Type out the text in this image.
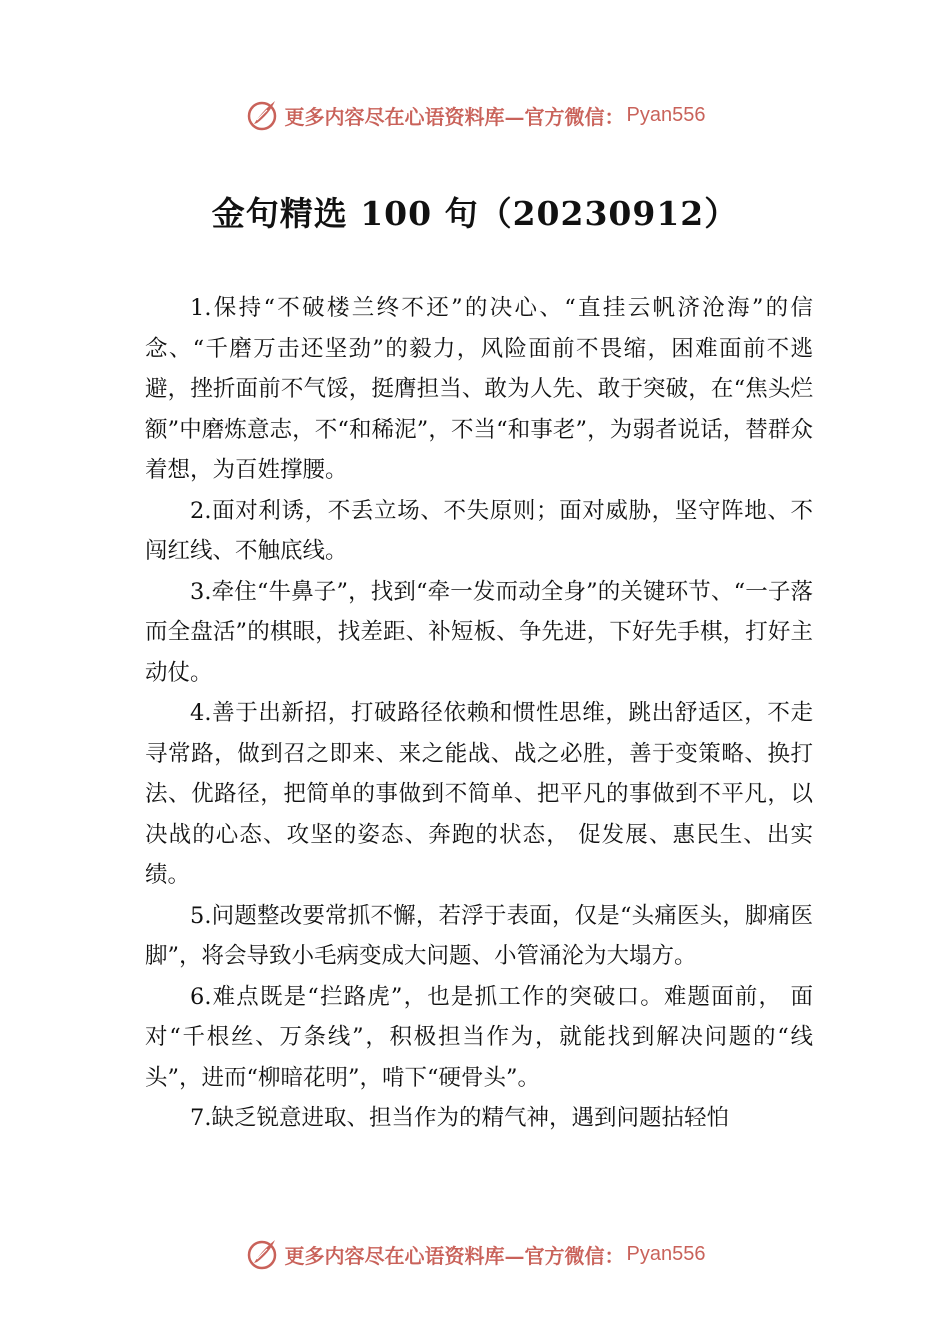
更多内容尽在心语资料库—官方微信： Pyan556
金句精选 100 句（20230912）

1.保持“不破楼兰终不还”的决心、“直挂云帆济沧海”的信念、“千磨万击还坚劲”的毅力，风险面前不畏缩，困难面前不逃避，挫折面前不气馁，挺膺担当、敢为人先、敢于突破，在“焦头烂额”中磨炼意志，不“和稀泥”，不当“和事老”，为弱者说话，替群众着想，为百姓撑腰。

2.面对利诱，不丢立场、不失原则；面对威胁，坚守阵地、不闯红线、不触底线。

3.牵住“牛鼻子”，找到“牵一发而动全身”的关键环节、“一子落而全盘活”的棋眼，找差距、补短板、争先进，下好先手棋，打好主动仗。

4.善于出新招，打破路径依赖和惯性思维，跳出舒适区，不走寻常路，做到召之即来、来之能战、战之必胜，善于变策略、换打法、优路径，把简单的事做到不简单、把平凡的事做到不平凡，以决战的心态、攻坚的姿态、奔跑的状态， 促发展、惠民生、出实绩。

5.问题整改要常抓不懈，若浮于表面，仅是“头痛医头，脚痛医脚”，将会导致小毛病变成大问题、小管涌沦为大塌方。

6.难点既是“拦路虎”，也是抓工作的突破口。难题面前， 面对“千根丝、万条线”，积极担当作为，就能找到解决问题的“线头”，进而“柳暗花明”，啃下“硬骨头”。

7.缺乏锐意进取、担当作为的精气神，遇到问题拈轻怕

更多内容尽在心语资料库—官方微信： Pyan556
